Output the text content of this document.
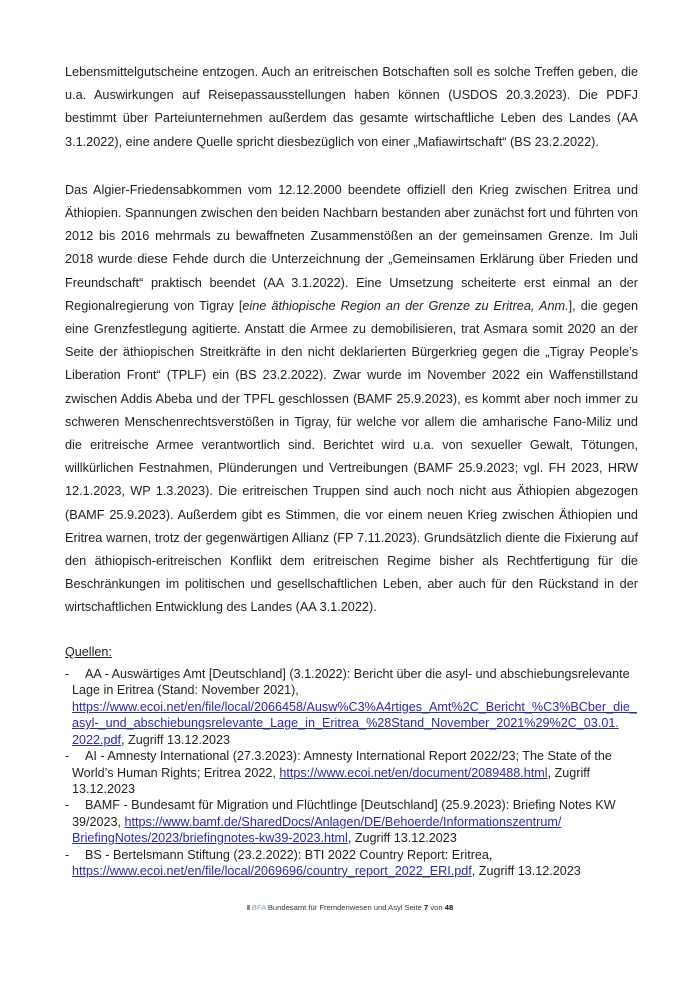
Lebensmittelgutscheine entzogen. Auch an eritreischen Botschaften soll es solche Treffen geben, die u.a. Auswirkungen auf Reisepassausstellungen haben können (USDOS 20.3.2023). Die PDFJ bestimmt über Parteiunternehmen außerdem das gesamte wirtschaftliche Leben des Landes (AA 3.1.2022), eine andere Quelle spricht diesbezüglich von einer „Mafiawirtschaft“ (BS 23.2.2022).

Das Algier-Friedensabkommen vom 12.12.2000 beendete offiziell den Krieg zwischen Eritrea und Äthiopien. Spannungen zwischen den beiden Nachbarn bestanden aber zunächst fort und führten von 2012 bis 2016 mehrmals zu bewaffneten Zusammenstößen an der gemeinsamen Grenze. Im Juli 2018 wurde diese Fehde durch die Unterzeichnung der „Gemeinsamen Erklärung über Frieden und Freundschaft“ praktisch beendet (AA 3.1.2022). Eine Umsetzung scheiterte erst einmal an der Regionalregierung von Tigray [eine äthiopische Region an der Grenze zu Eritrea, Anm.], die gegen eine Grenzfestlegung agitierte. Anstatt die Armee zu demobilisieren, trat Asmara somit 2020 an der Seite der äthiopischen Streitkräfte in den nicht deklarierten Bürgerkrieg gegen die „Tigray People’s Liberation Front“ (TPLF) ein (BS 23.2.2022). Zwar wurde im November 2022 ein Waffenstillstand zwischen Addis Abeba und der TPFL geschlossen (BAMF 25.9.2023), es kommt aber noch immer zu schweren Menschenrechtsverstößen in Tigray, für welche vor allem die amharische Fano-Miliz und die eritreische Armee verantwortlich sind. Berichtet wird u.a. von sexueller Gewalt, Tötungen, willkürlichen Festnahmen, Plünderungen und Vertreibungen (BAMF 25.9.2023; vgl. FH 2023, HRW 12.1.2023, WP 1.3.2023). Die eritreischen Truppen sind auch noch nicht aus Äthiopien abgezogen (BAMF 25.9.2023). Außerdem gibt es Stimmen, die vor einem neuen Krieg zwischen Äthiopien und Eritrea warnen, trotz der gegenwärtigen Allianz (FP 7.11.2023). Grundsätzlich diente die Fixierung auf den äthiopisch-eritreischen Konflikt dem eritreischen Regime bisher als Rechtfertigung für die Beschränkungen im politischen und gesellschaftlichen Leben, aber auch für den Rückstand in der wirtschaftlichen Entwicklung des Landes (AA 3.1.2022).

Quellen:
- AA - Auswärtiges Amt [Deutschland] (3.1.2022): Bericht über die asyl- und abschiebungsrelevante Lage in Eritrea (Stand: November 2021),
https:/​/​www.​ecoi.​net/​en/​file/​local/​2066458/​Ausw%C3%A4rtiges_​Amt%2C_​Bericht_​%C3%BCber_​die_​asyl-​_​und_​abschiebungsrelevante_​Lage_​in_​Eritrea_​%28Stand_​November_​2021%29%2C_​03.​01.​2022.​pdf, Zugriff 13.12.2023
- AI - Amnesty International (27.3.2023): Amnesty International Report 2022/23; The State of the World’s Human Rights; Eritrea 2022, https:/​/​www.​ecoi.​net/​en/​document/​2089488.​html, Zugriff 13.12.2023
- BAMF - Bundesamt für Migration und Flüchtlinge [Deutschland] (25.9.2023): Briefing Notes KW 39/2023, https:/​/​www.​bamf.​de/​SharedDocs/​Anlagen/​DE/​Behoerde/​Informationszentrum/​BriefingNotes/​2023/​briefingnotes-​kw39-​2023.​html, Zugriff 13.12.2023
- BS - Bertelsmann Stiftung (23.2.2022): BTI 2022 Country Report: Eritrea,
https:/​/​www.​ecoi.​net/​en/​file/​local/​2069696/​country_​report_​2022_​ERI.​pdf, Zugriff 13.12.2023
BFA Bundesamt für Fremdenwesen und Asyl Seite 7 von 48
